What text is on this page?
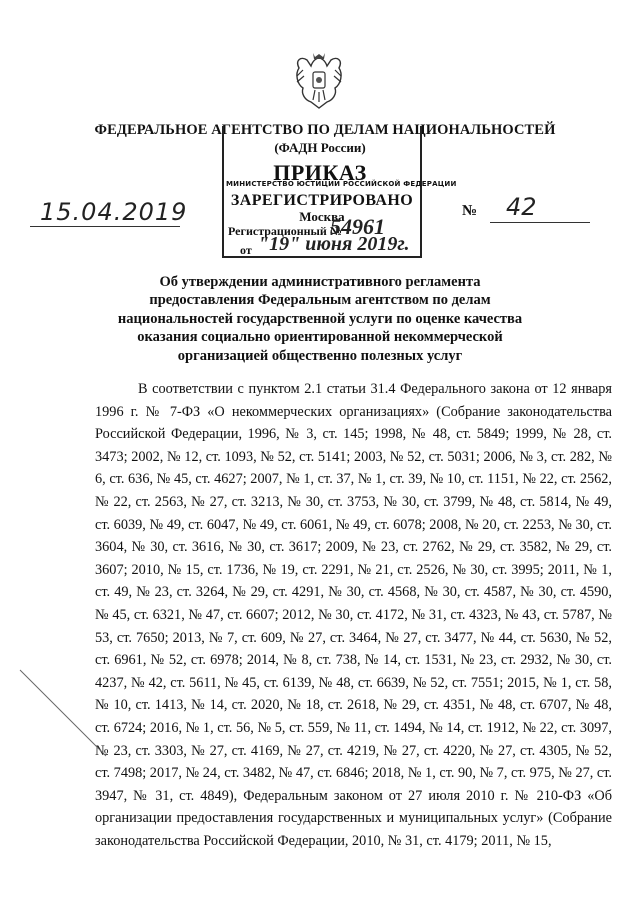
ФЕДЕРАЛЬНОЕ АГЕНТСТВО ПО ДЕЛАМ НАЦИОНАЛЬНОСТЕЙ
(ФАДН России)
ПРИКАЗ
МИНИСТЕРСТВО ЮСТИЦИИ РОССИЙСКОЙ ФЕДЕРАЦИИ
ЗАРЕГИСТРИРОВАНО
Москва
Регистрационный №
54961
от "19" июня 2019г.
15.04.2019	№ 42
Об утверждении административного регламента предоставления Федеральным агентством по делам национальностей государственной услуги по оценке качества оказания социально ориентированной некоммерческой организацией общественно полезных услуг

В соответствии с пунктом 2.1 статьи 31.4 Федерального закона от 12 января 1996 г. № 7-ФЗ «О некоммерческих организациях» (Собрание законодательства Российской Федерации, 1996, № 3, ст. 145; 1998, № 48, ст. 5849; 1999, № 28, ст. 3473; 2002, № 12, ст. 1093, № 52, ст. 5141; 2003, № 52, ст. 5031; 2006, № 3, ст. 282, № 6, ст. 636, № 45, ст. 4627; 2007, № 1, ст. 37, № 1, ст. 39, № 10, ст. 1151, № 22, ст. 2562, № 22, ст. 2563, № 27, ст. 3213, № 30, ст. 3753, № 30, ст. 3799, № 48, ст. 5814, № 49, ст. 6039, № 49, ст. 6047, № 49, ст. 6061, № 49, ст. 6078; 2008, № 20, ст. 2253, № 30, ст. 3604, № 30, ст. 3616, № 30, ст. 3617; 2009, № 23, ст. 2762, № 29, ст. 3582, № 29, ст. 3607; 2010, № 15, ст. 1736, № 19, ст. 2291, № 21, ст. 2526, № 30, ст. 3995; 2011, № 1, ст. 49, № 23, ст. 3264, № 29, ст. 4291, № 30, ст. 4568, № 30, ст. 4587, № 30, ст. 4590, № 45, ст. 6321, № 47, ст. 6607; 2012, № 30, ст. 4172, № 31, ст. 4323, № 43, ст. 5787, № 53, ст. 7650; 2013, № 7, ст. 609, № 27, ст. 3464, № 27, ст. 3477, № 44, ст. 5630, № 52, ст. 6961, № 52, ст. 6978; 2014, № 8, ст. 738, № 14, ст. 1531, № 23, ст. 2932, № 30, ст. 4237, № 42, ст. 5611, № 45, ст. 6139, № 48, ст. 6639, № 52, ст. 7551; 2015, № 1, ст. 58, № 10, ст. 1413, № 14, ст. 2020, № 18, ст. 2618, № 29, ст. 4351, № 48, ст. 6707, № 48, ст. 6724; 2016, № 1, ст. 56, № 5, ст. 559, № 11, ст. 1494, № 14, ст. 1912, № 22, ст. 3097, № 23, ст. 3303, № 27, ст. 4169, № 27, ст. 4219, № 27, ст. 4220, № 27, ст. 4305, № 52, ст. 7498; 2017, № 24, ст. 3482, № 47, ст. 6846; 2018, № 1, ст. 90, № 7, ст. 975, № 27, ст. 3947, № 31, ст. 4849), Федеральным законом от 27 июля 2010 г. № 210-ФЗ «Об организации предоставления государственных и муниципальных услуг» (Собрание законодательства Российской Федерации, 2010, № 31, ст. 4179; 2011, № 15,
